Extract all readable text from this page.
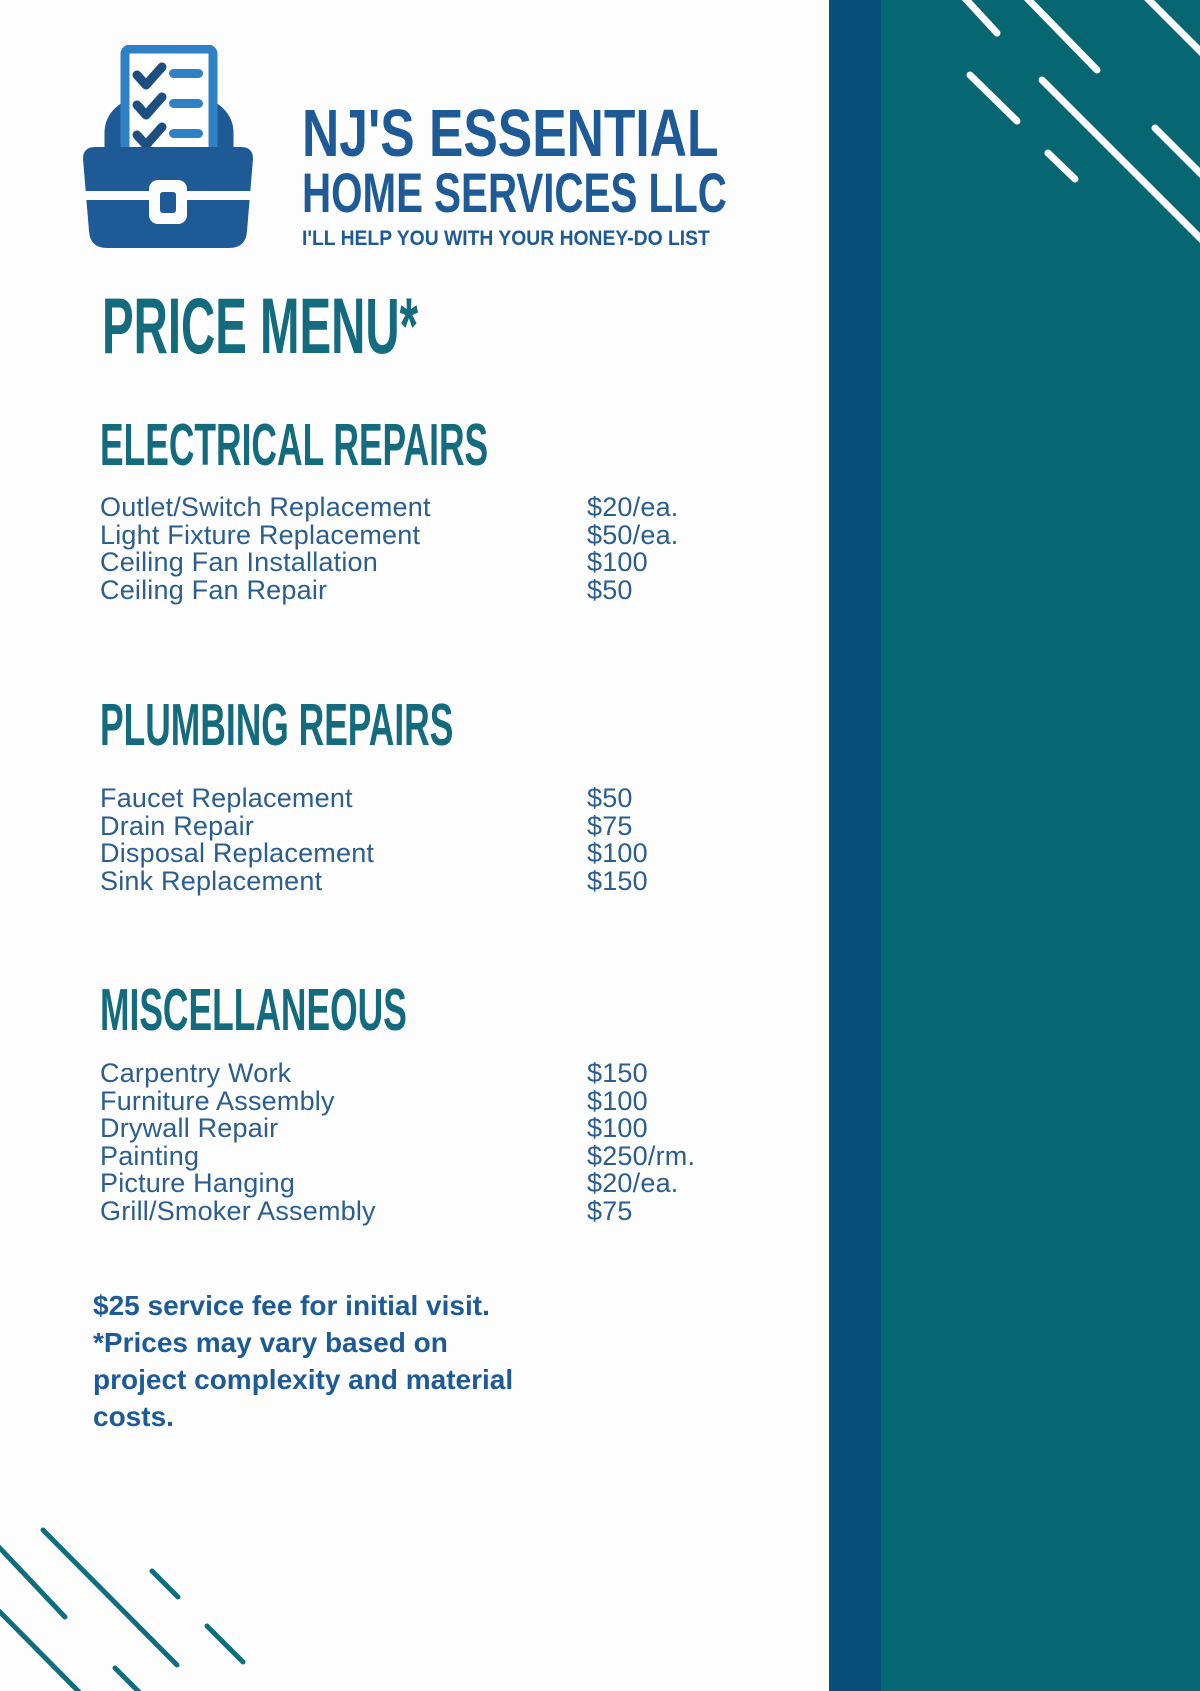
NJ'S ESSENTIAL
HOME SERVICES LLC
I'LL HELP YOU WITH YOUR HONEY-DO LIST
PRICE MENU*
ELECTRICAL REPAIRS
Outlet/Switch Replacement	$20/ea.
Light Fixture Replacement	$50/ea.
Ceiling Fan Installation	$100
Ceiling Fan Repair	$50
PLUMBING REPAIRS
Faucet Replacement	$50
Drain Repair	$75
Disposal Replacement	$100
Sink Replacement	$150
MISCELLANEOUS
Carpentry Work	$150
Furniture Assembly	$100
Drywall Repair	$100
Painting	$250/rm.
Picture Hanging	$20/ea.
Grill/Smoker Assembly	$75
$25 service fee for initial visit.
*Prices may vary based on
project complexity and material
costs.
